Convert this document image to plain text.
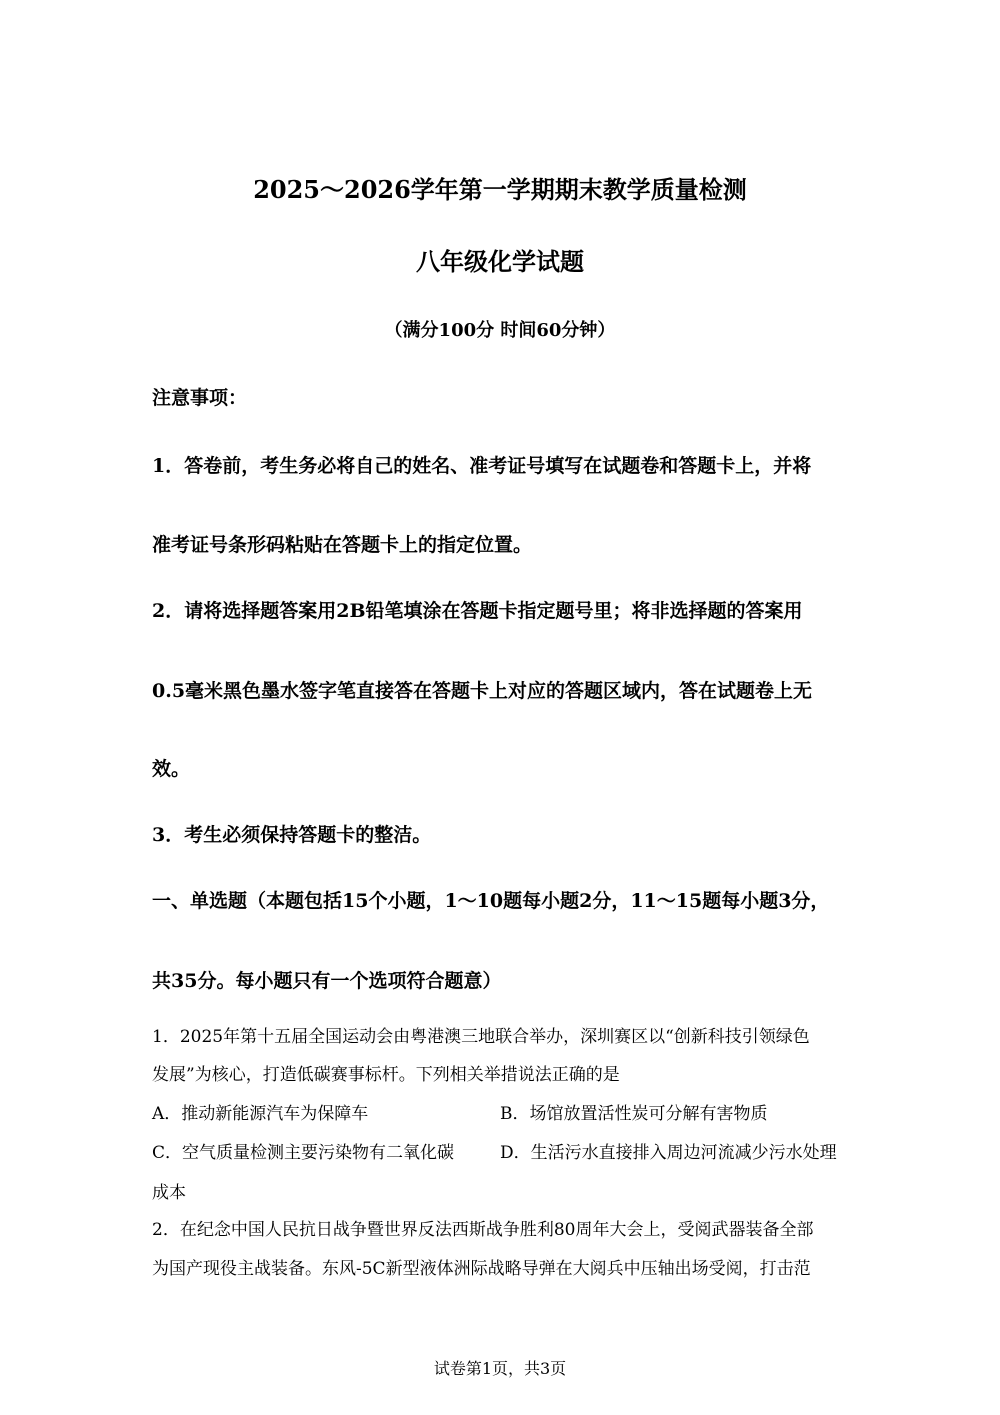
2025～2026学年第一学期期末教学质量检测
八年级化学试题
（满分100分 时间60分钟）
注意事项：
1．答卷前，考生务必将自己的姓名、准考证号填写在试题卷和答题卡上，并将
准考证号条形码粘贴在答题卡上的指定位置。
2．请将选择题答案用2B铅笔填涂在答题卡指定题号里；将非选择题的答案用
0.5毫米黑色墨水签字笔直接答在答题卡上对应的答题区域内，答在试题卷上无
效。
3．考生必须保持答题卡的整洁。
一、单选题（本题包括15个小题，1～10题每小题2分，11～15题每小题3分，
共35分。每小题只有一个选项符合题意）
1．2025年第十五届全国运动会由粤港澳三地联合举办，深圳赛区以“创新科技引领绿色
发展”为核心，打造低碳赛事标杆。下列相关举措说法正确的是
A．推动新能源汽车为保障车	B．场馆放置活性炭可分解有害物质
C．空气质量检测主要污染物有二氧化碳	D．生活污水直接排入周边河流减少污水处理
成本
2．在纪念中国人民抗日战争暨世界反法西斯战争胜利80周年大会上，受阅武器装备全部
为国产现役主战装备。东风-5C新型液体洲际战略导弹在大阅兵中压轴出场受阅，打击范
试卷第1页，共3页
